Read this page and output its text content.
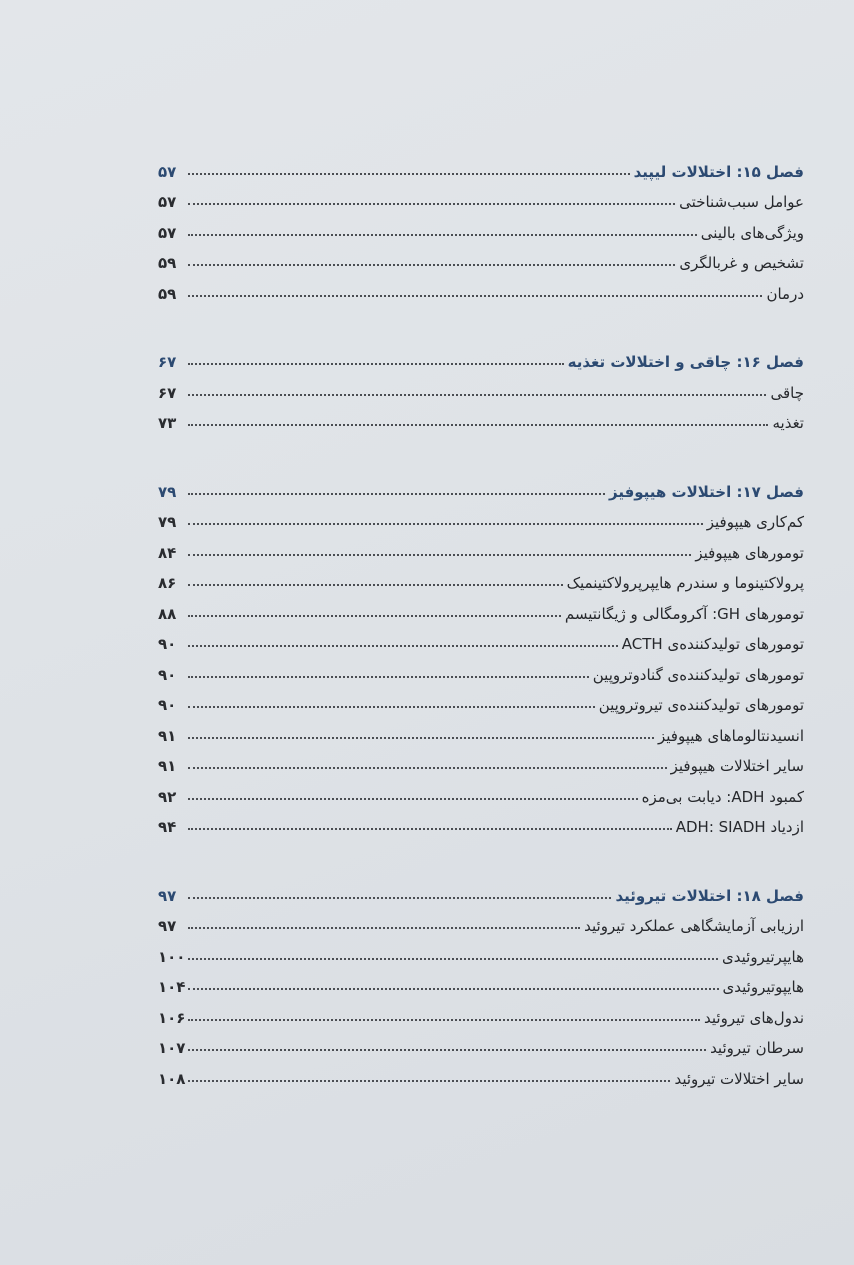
فصل ۱۵: اختلالات لیپید
۵۷
عوامل سبب‌شناختی
۵۷
ویژگی‌های بالینی
۵۷
تشخیص و غربالگری
۵۹
درمان
۵۹
فصل ۱۶: چاقی و اختلالات تغذیه
۶۷
چاقی
۶۷
تغذیه
۷۳
فصل ۱۷: اختلالات هیپوفیز
۷۹
کم‌کاری هیپوفیز
۷۹
تومورهای هیپوفیز
۸۴
پرولاکتینوما و سندرم هایپرپرولاکتینمیک
۸۶
تومورهای GH: آکرومگالی و ژیگانتیسم
۸۸
تومورهای تولیدکننده‌ی ACTH
۹۰
تومورهای تولیدکننده‌ی گنادوتروپین
۹۰
تومورهای تولیدکننده‌ی تیروتروپین
۹۰
انسیدنتالوماهای هیپوفیز
۹۱
سایر اختلالات هیپوفیز
۹۱
کمبود ADH: دیابت بی‌مزه
۹۲
ازدیاد ADH: SIADH
۹۴
فصل ۱۸: اختلالات تیروئید
۹۷
ارزیابی آزمایشگاهی عملکرد تیروئید
۹۷
هایپرتیروئیدی
۱۰۰
هایپوتیروئیدی
۱۰۴
ندول‌های تیروئید
۱۰۶
سرطان تیروئید
۱۰۷
سایر اختلالات تیروئید
۱۰۸
